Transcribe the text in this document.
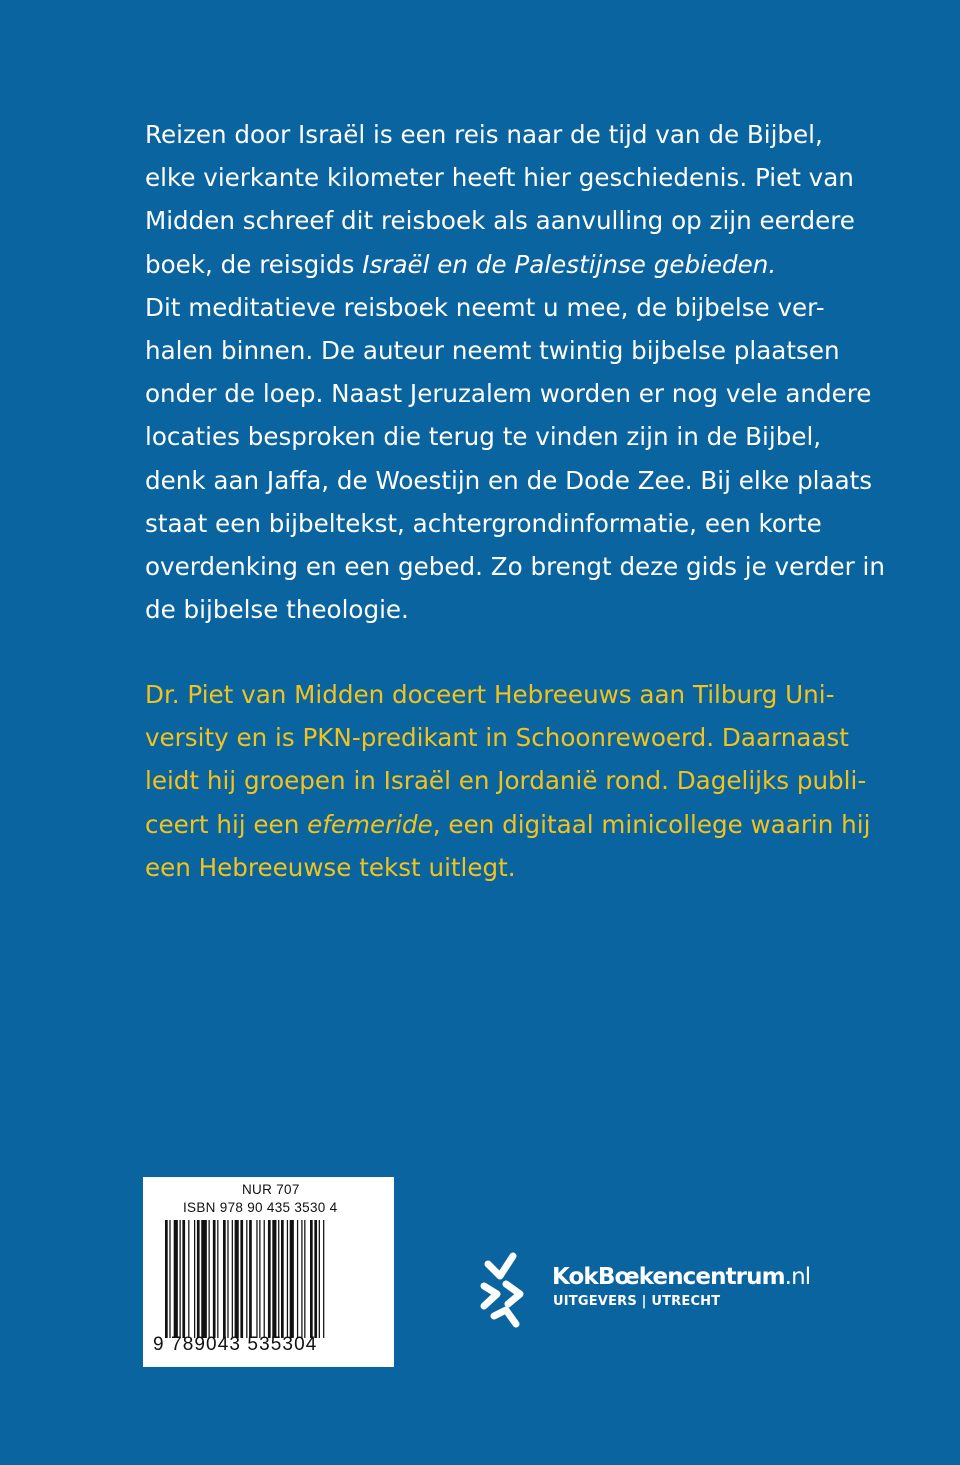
Reizen door Israël is een reis naar de tijd van de Bijbel,
elke vierkante kilometer heeft hier geschiedenis. Piet van
Midden schreef dit reisboek als aanvulling op zijn eerdere
boek, de reisgids Israël en de Palestijnse gebieden.
Dit meditatieve reisboek neemt u mee, de bijbelse ver-
halen binnen. De auteur neemt twintig bijbelse plaatsen
onder de loep. Naast Jeruzalem worden er nog vele andere
locaties besproken die terug te vinden zijn in de Bijbel,
denk aan Jaffa, de Woestijn en de Dode Zee. Bij elke plaats
staat een bijbeltekst, achtergrondinformatie, een korte
overdenking en een gebed. Zo brengt deze gids je verder in
de bijbelse theologie.

Dr. Piet van Midden doceert Hebreeuws aan Tilburg Uni-
versity en is PKN-predikant in Schoonrewoerd. Daarnaast
leidt hij groepen in Israël en Jordanië rond. Dagelijks publi-
ceert hij een efemeride, een digitaal minicollege waarin hij
een Hebreeuwse tekst uitlegt.

NUR 707
ISBN 978 90 435 3530 4
9 789043 535304
KokBœkencentrum.nl
UITGEVERS | UTRECHT
